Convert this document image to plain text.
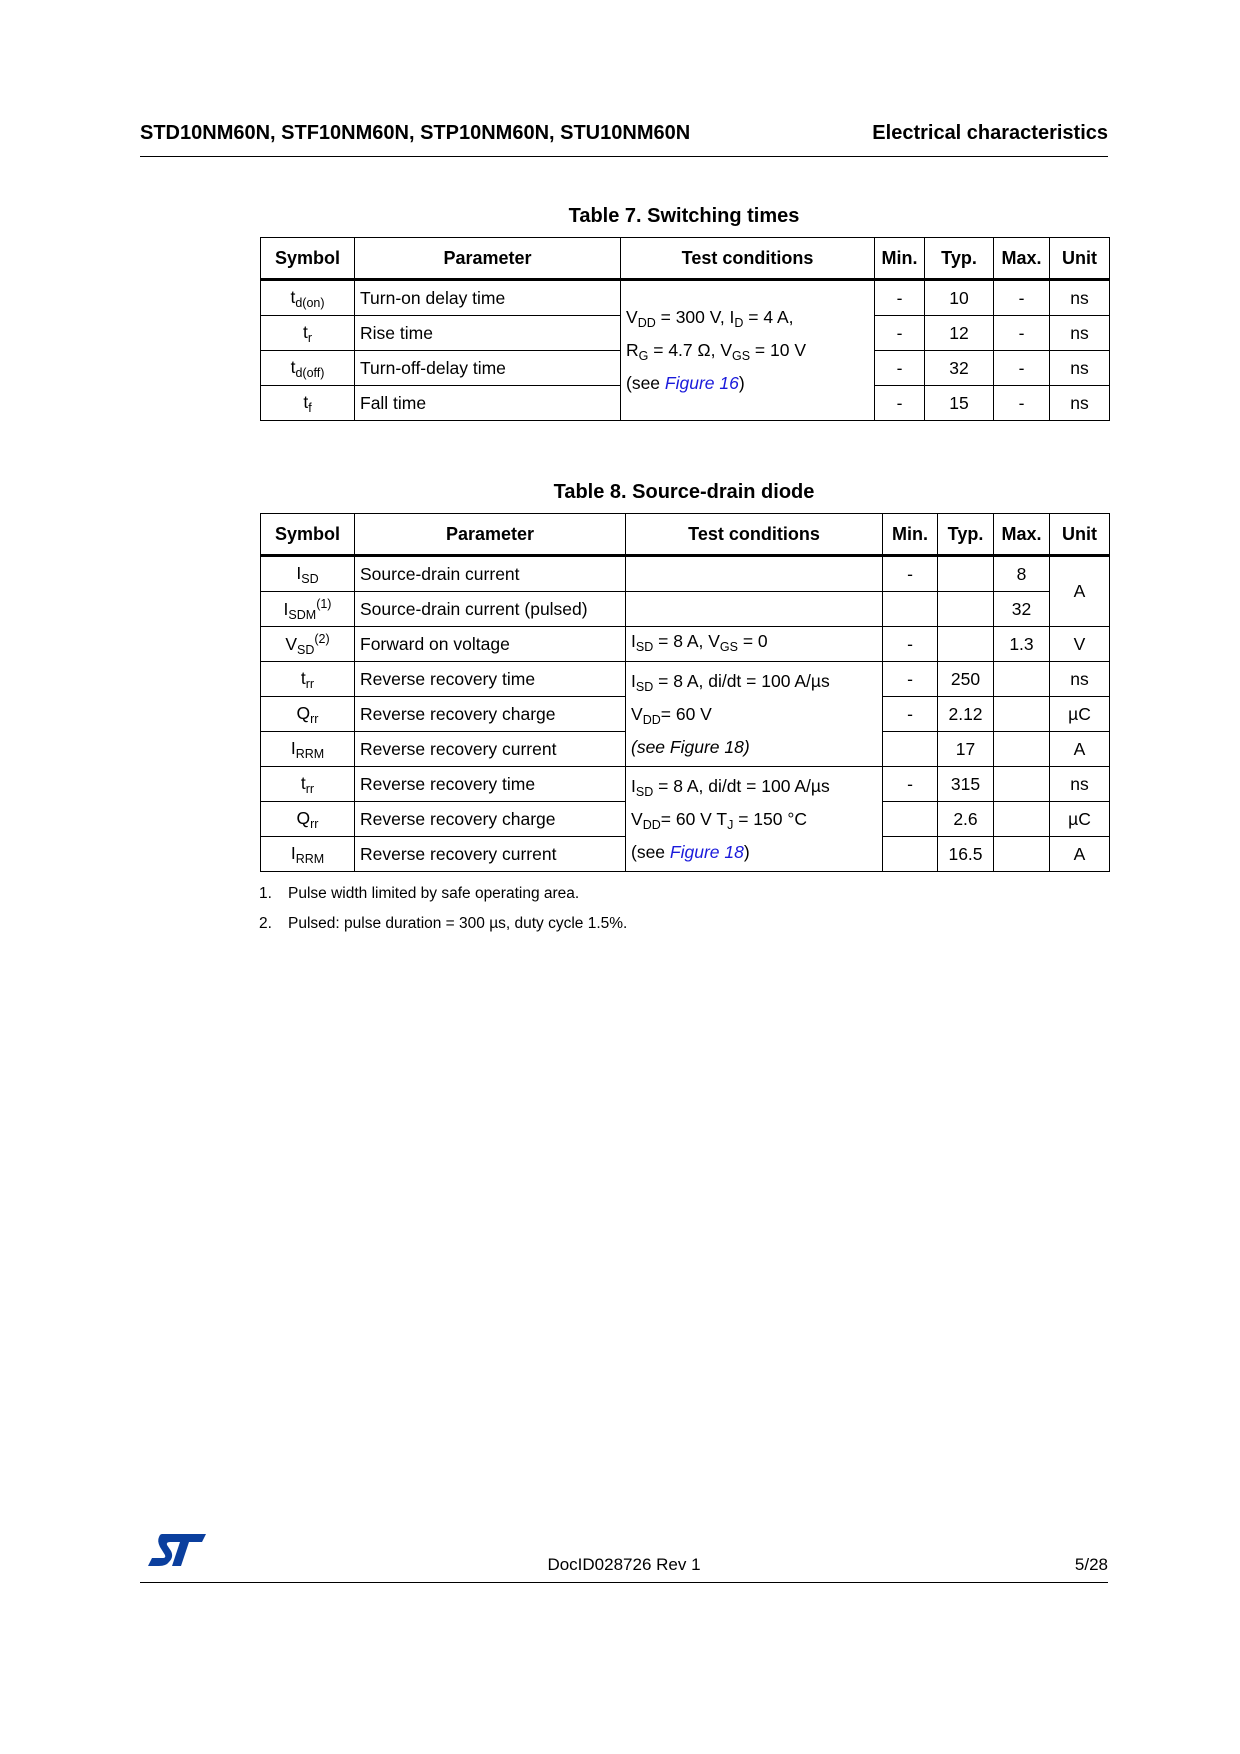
STD10NM60N, STF10NM60N, STP10NM60N, STU10NM60N	Electrical characteristics
Table 7. Switching times
Symbol	Parameter	Test conditions	Min.	Typ.	Max.	Unit
$t_{d(on)}$	Turn-on delay time	$V_{DD} = 300$ V, $I_D = 4$ A,
$R_G = 4.7$ Ω, $V_{GS} = 10$ V
(see Figure 16)	-	10	-	ns
$t_r$	Rise time		-	12	-	ns
$t_{d(off)}$	Turn-off-delay time		-	32	-	ns
$t_f$	Fall time		-	15	-	ns
Table 8. Source-drain diode
Symbol	Parameter	Test conditions	Min.	Typ.	Max.	Unit
$I_{SD}$	Source-drain current		-		8	A
$I_{SDM}^{(1)}$	Source-drain current (pulsed)				32	
$V_{SD}^{(2)}$	Forward on voltage	$I_{SD} = 8$ A, $V_{GS} = 0$	-		1.3	V
$t_{rr}$	Reverse recovery time	$I_{SD} = 8$ A, di/dt = 100 A/µs
$V_{DD}= 60$ V
(see Figure 18)	-	250		ns
$Q_{rr}$	Reverse recovery charge		-	2.12		µC
$I_{RRM}$	Reverse recovery current			17		A
$t_{rr}$	Reverse recovery time	$I_{SD} = 8$ A, di/dt = 100 A/µs
$V_{DD}= 60$ V $T_J = 150$ °C
(see Figure 18)	-	315		ns
$Q_{rr}$	Reverse recovery charge			2.6		µC
$I_{RRM}$	Reverse recovery current			16.5		A
1. Pulse width limited by safe operating area.
2. Pulsed: pulse duration = 300 µs, duty cycle 1.5%.
DocID028726 Rev 1	5/28
